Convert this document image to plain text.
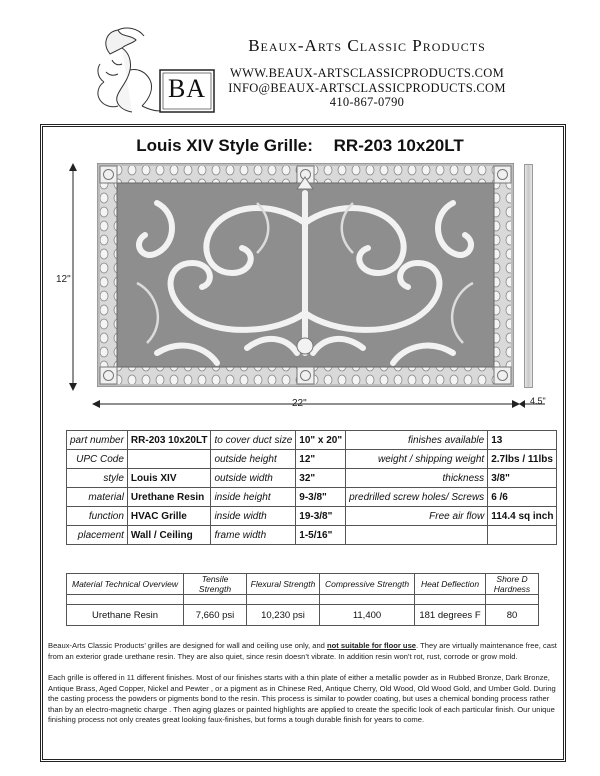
BA
Beaux-Arts Classic Products
WWW.BEAUX-ARTSCLASSICPRODUCTS.COM
INFO@BEAUX-ARTSCLASSICPRODUCTS.COM
410-867-0790
Louis XIV Style Grille: RR-203 10x20LT
12"
22"	4.5"
part number	RR-203 10x20LT	to cover duct size	10" x 20"	finishes available	13
UPC Code		outside height	12"	weight / shipping weight	2.7lbs / 11lbs
style	Louis XIV	outside width	32"	thickness	3/8"
material	Urethane Resin	inside height	9-3/8"	predrilled screw holes/ Screws	6 /6
function	HVAC Grille	inside width	19-3/8"	Free air flow	114.4 sq inch
placement	Wall / Ceiling	frame width	1-5/16"		
Material Technical Overview	Tensile Strength	Flexural Strength	Compressive Strength	Heat Deflection	Shore D Hardness

Urethane Resin	7,660 psi	10,230 psi	11,400	181 degrees F	80

Beaux-Arts Classic Products’ grilles are designed for wall and ceiling use only, and not suitable for floor use. They are virtually maintenance free, cast from an exterior grade urethane resin. They are also quiet, since resin doesn’t vibrate. In addition resin won’t rot, rust, corrode or grow mold.

Each grille is offered in 11 different finishes. Most of our finishes starts with a thin plate of either a metallic powder as in Rubbed Bronze, Dark Bronze, Antique Brass, Aged Copper, Nickel and Pewter , or a pigment as in Chinese Red, Antique Cherry, Old Wood, Old Wood Gold, and Umber Gold. During the casting process the powders or pigments bond to the resin. This process is similar to powder coating, but uses a chemical bonding process rather than by an electro-magnetic charge . Then aging glazes or painted highlights are applied to create the specific look of each particular finish. Our unique finishing process not only creates great looking faux-finishes, but forms a tough durable finish for years to come.
